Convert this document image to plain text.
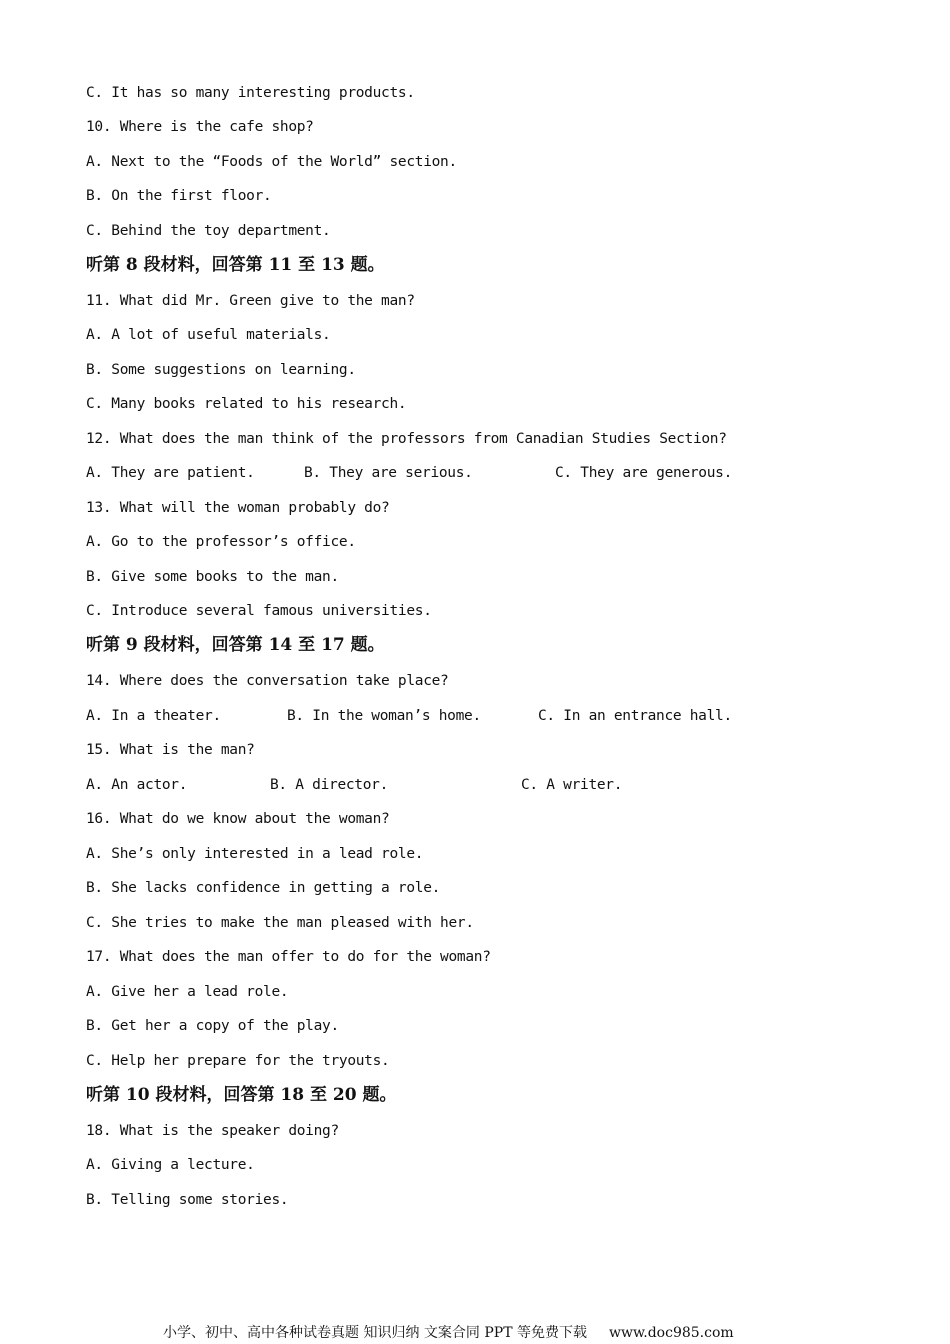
C. It has so many interesting products.
10. Where is the cafe shop?
A. Next to the “Foods of the World” section.
B. On the first floor.
C. Behind the toy department.
听第 8 段材料，回答第 11 至 13 题。
11. What did Mr. Green give to the man?
A. A lot of useful materials.
B. Some suggestions on learning.
C. Many books related to his research.
12. What does the man think of the professors from Canadian Studies Section?
A. They are patient.	B. They are serious.	C. They are generous.
13. What will the woman probably do?
A. Go to the professor’s office.
B. Give some books to the man.
C. Introduce several famous universities.
听第 9 段材料，回答第 14 至 17 题。
14. Where does the conversation take place?
A. In a theater.	B. In the woman’s home.	C. In an entrance hall.
15. What is the man?
A. An actor.	B. A director.	C. A writer.
16. What do we know about the woman?
A. She’s only interested in a lead role.
B. She lacks confidence in getting a role.
C. She tries to make the man pleased with her.
17. What does the man offer to do for the woman?
A. Give her a lead role.
B. Get her a copy of the play.
C. Help her prepare for the tryouts.
听第 10 段材料，回答第 18 至 20 题。
18. What is the speaker doing?
A. Giving a lecture.
B. Telling some stories.
小学、初中、高中各种试卷真题 知识归纳 文案合同 PPT 等免费下载 www.doc985.com
